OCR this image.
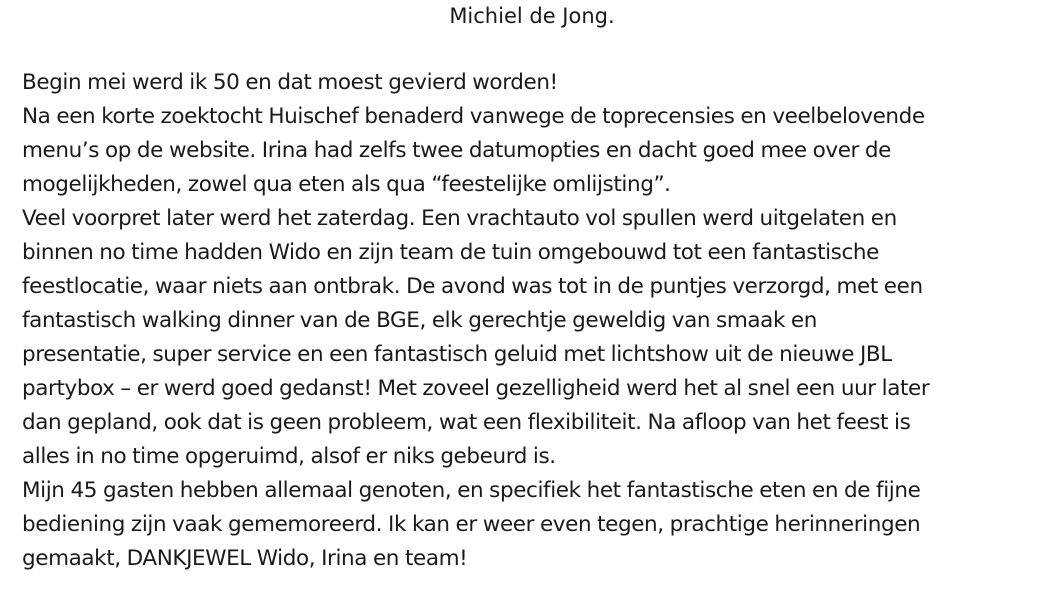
Michiel de Jong.

Begin mei werd ik 50 en dat moest gevierd worden!
Na een korte zoektocht Huischef benaderd vanwege de toprecensies en veelbelovende
menu’s op de website. Irina had zelfs twee datumopties en dacht goed mee over de
mogelijkheden, zowel qua eten als qua “feestelijke omlijsting”.
Veel voorpret later werd het zaterdag. Een vrachtauto vol spullen werd uitgelaten en
binnen no time hadden Wido en zijn team de tuin omgebouwd tot een fantastische
feestlocatie, waar niets aan ontbrak. De avond was tot in de puntjes verzorgd, met een
fantastisch walking dinner van de BGE, elk gerechtje geweldig van smaak en
presentatie, super service en een fantastisch geluid met lichtshow uit de nieuwe JBL
partybox – er werd goed gedanst! Met zoveel gezelligheid werd het al snel een uur later
dan gepland, ook dat is geen probleem, wat een flexibiliteit. Na afloop van het feest is
alles in no time opgeruimd, alsof er niks gebeurd is.
Mijn 45 gasten hebben allemaal genoten, en specifiek het fantastische eten en de fijne
bediening zijn vaak gememoreerd. Ik kan er weer even tegen, prachtige herinneringen
gemaakt, DANKJEWEL Wido, Irina en team!
